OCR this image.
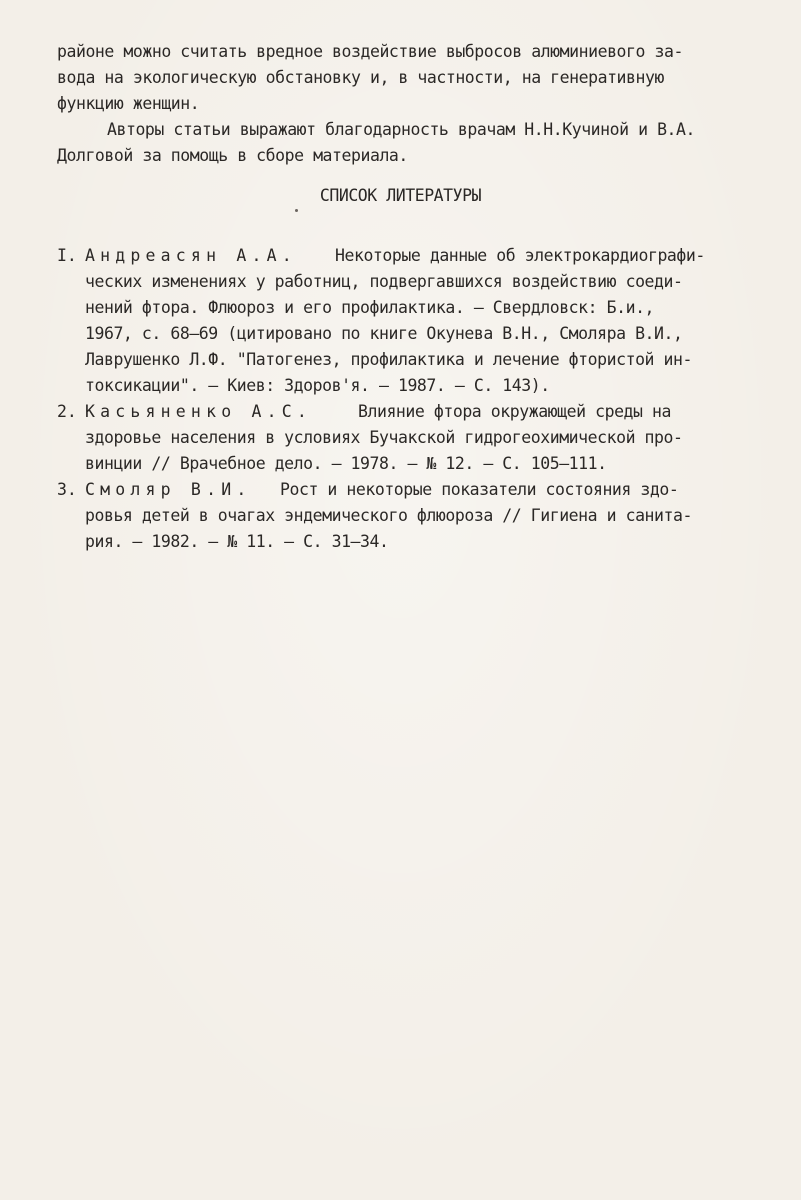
районе можно считать вредное воздействие выбросов алюминиевого за-
вода на экологическую обстановку и, в частности, на генеративную
функцию женщин.
Авторы статьи выражают благодарность врачам Н.Н.Кучиной и В.А.
Долговой за помощь в сборе материала.
СПИСОК ЛИТЕРАТУРЫ
I. Андреасян А.А. Некоторые данные об электрокардиографи-
ческих изменениях у работниц, подвергавшихся воздействию соеди-
нений фтора. Флюороз и его профилактика. – Свердловск: Б.и.,
1967, с. 68–69 (цитировано по книге Окунева В.Н., Смоляра В.И.,
Лаврушенко Л.Ф. "Патогенез, профилактика и лечение фтористой ин-
токсикации". – Киев: Здоров'я. – 1987. – С. 143).
2. Касьяненко А.С.	Влияние фтора окружающей среды на
здоровье населения в условиях Бучакской гидрогеохимической про-
винции // Врачебное дело. – 1978. – № 12. – С. 105–111.
3. Смоляр В.И. Рост и некоторые показатели состояния здо-
ровья детей в очагах эндемического флюороза // Гигиена и санита-
рия. – 1982. – № 11. – С. 31–34.
